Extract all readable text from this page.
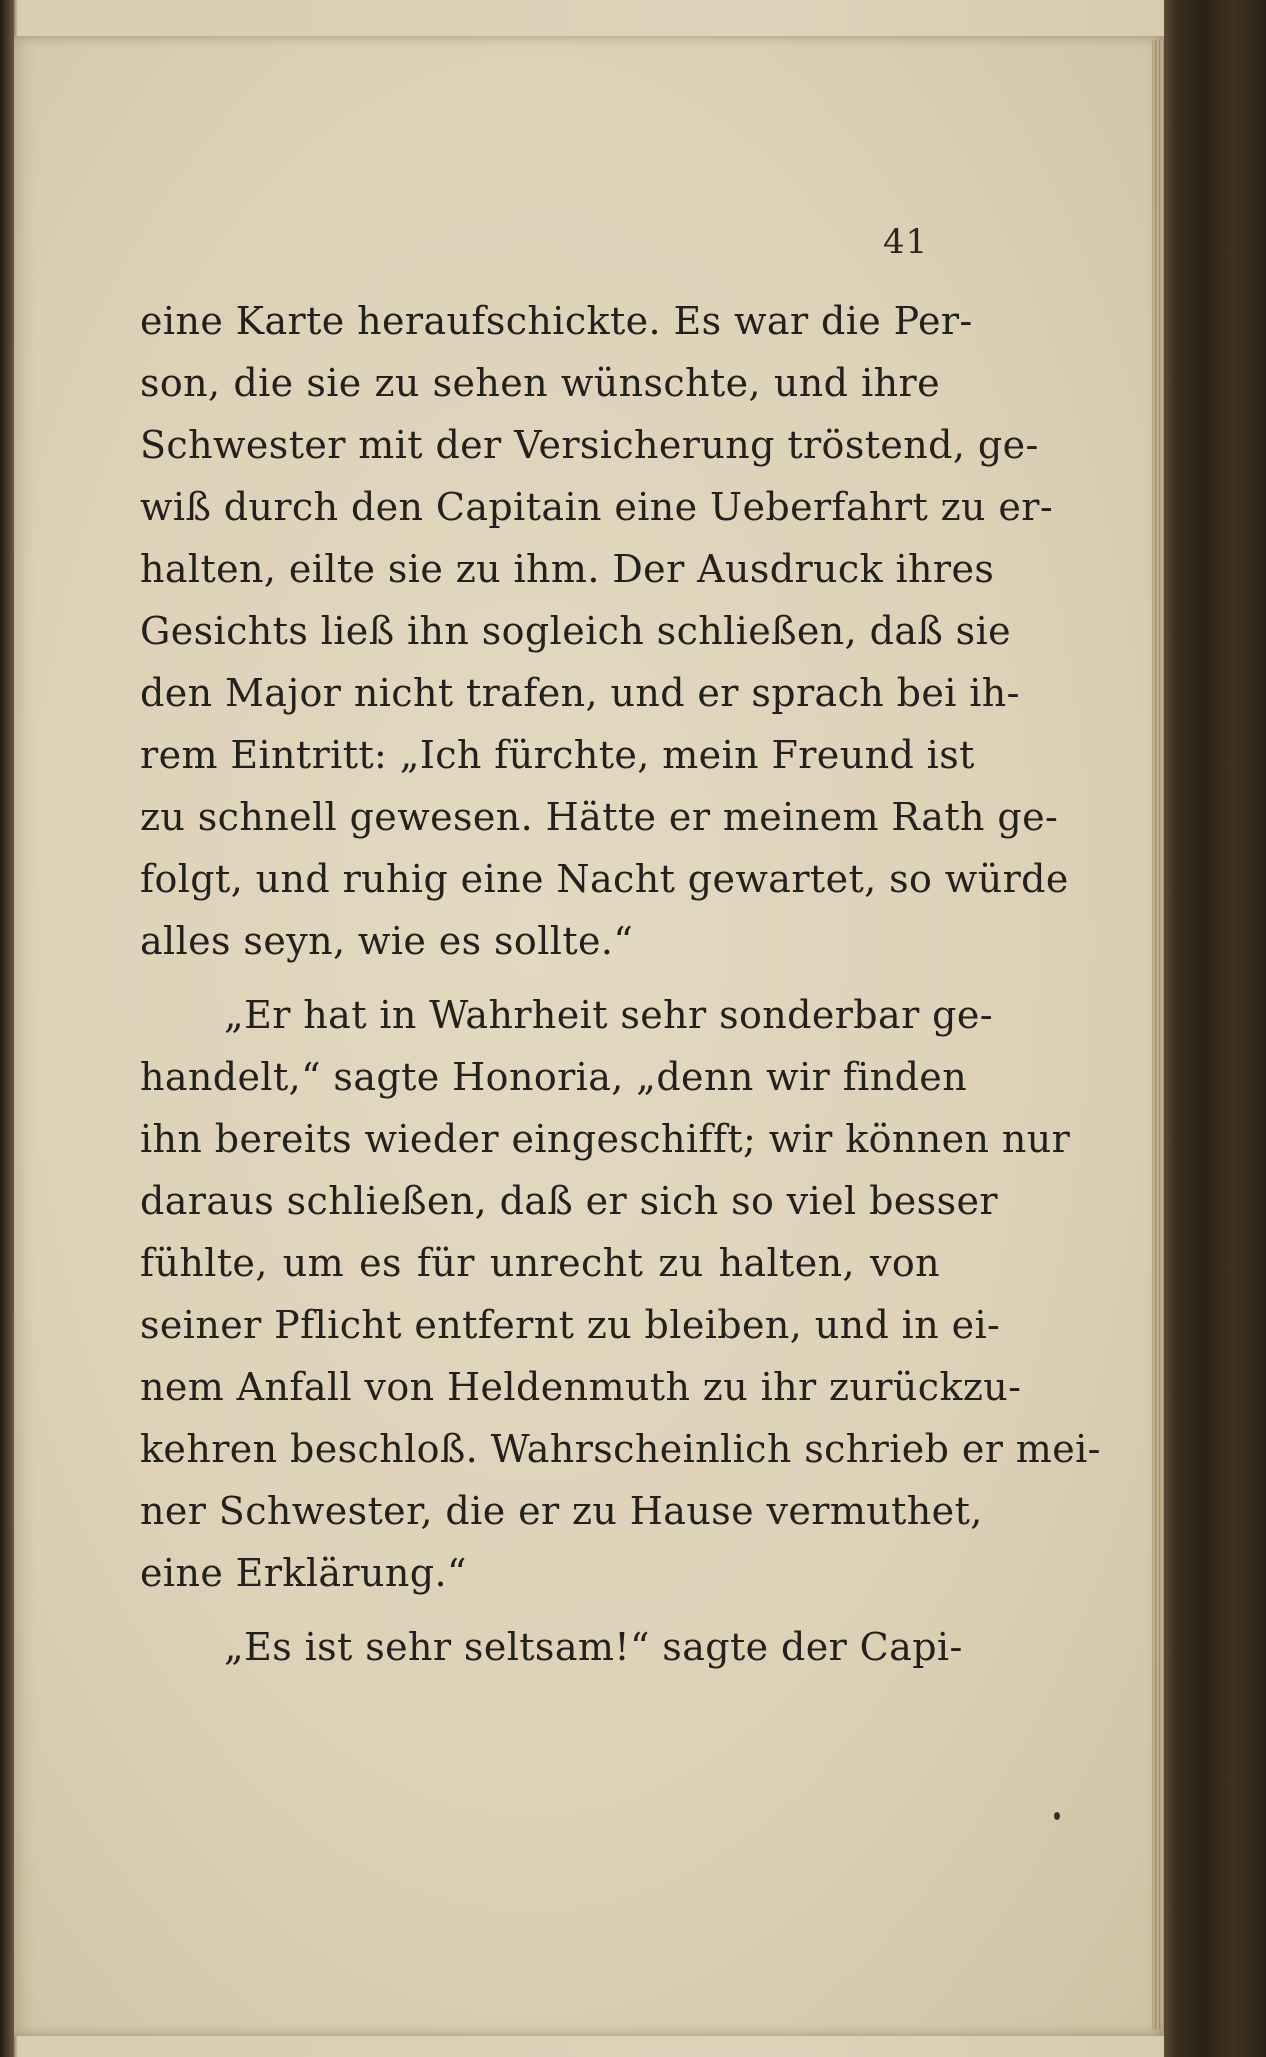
41
eine Karte heraufschickte. Es war die Per-
son, die sie zu sehen wünschte, und ihre
Schwester mit der Versicherung tröstend, ge-
wiß durch den Capitain eine Ueberfahrt zu er-
halten, eilte sie zu ihm. Der Ausdruck ihres
Gesichts ließ ihn sogleich schließen, daß sie
den Major nicht trafen, und er sprach bei ih-
rem Eintritt: „Ich fürchte, mein Freund ist
zu schnell gewesen. Hätte er meinem Rath ge-
folgt, und ruhig eine Nacht gewartet, so würde
alles seyn, wie es sollte.“
„Er hat in Wahrheit sehr sonderbar ge-
handelt,“ sagte Honoria, „denn wir finden
ihn bereits wieder eingeschifft; wir können nur
daraus schließen, daß er sich so viel besser
fühlte, um es für unrecht zu halten, von
seiner Pflicht entfernt zu bleiben, und in ei-
nem Anfall von Heldenmuth zu ihr zurückzu-
kehren beschloß. Wahrscheinlich schrieb er mei-
ner Schwester, die er zu Hause vermuthet,
eine Erklärung.“
„Es ist sehr seltsam!“ sagte der Capi-
